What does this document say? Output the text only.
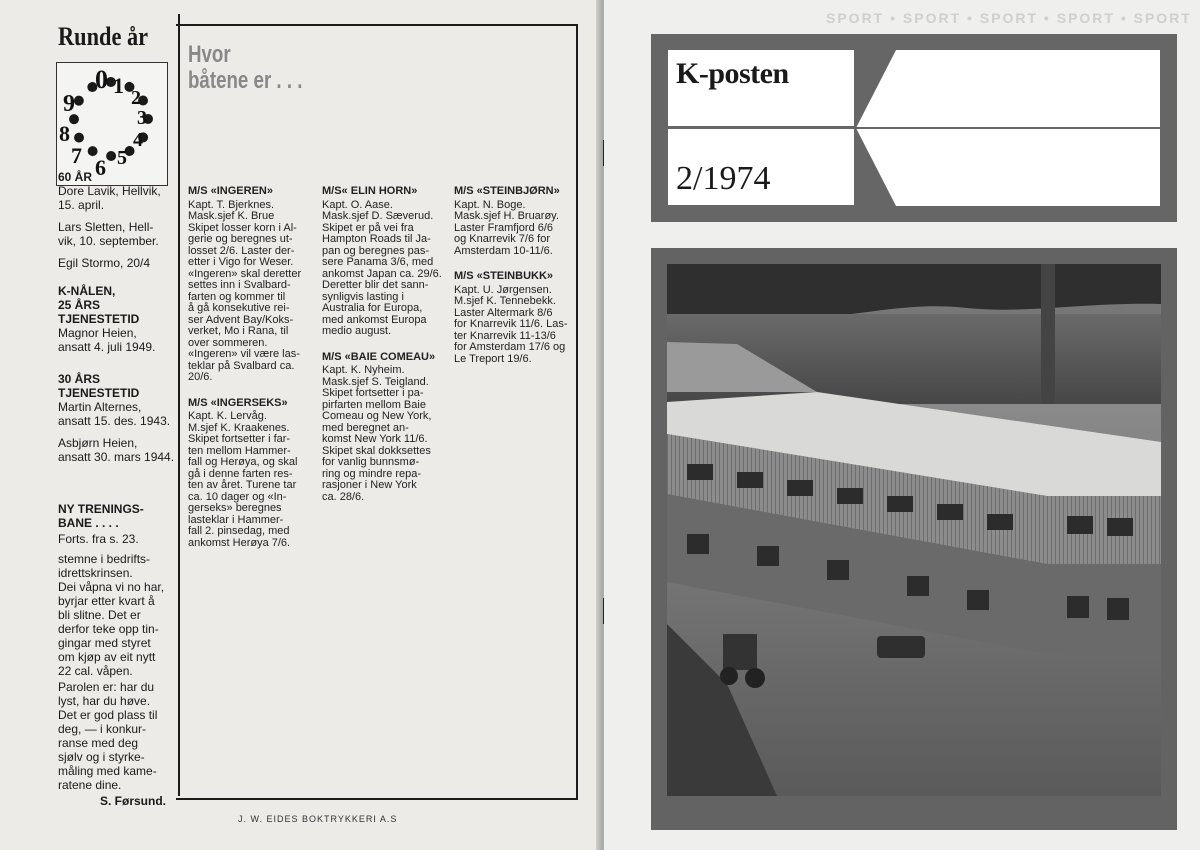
Runde år
0 1 2
3
4
5
6
7
8
9
60 ÅR
Dore Lavik, Hellvik,
15. april.
Lars Sletten, Hell-
vik, 10. september.
Egil Stormo, 20/4
K-NÅLEN,
25 ÅRS
TJENESTETID
Magnor Heien,
ansatt 4. juli 1949.
30 ÅRS
TJENESTETID
Martin Alternes,
ansatt 15. des. 1943.
Asbjørn Heien,
ansatt 30. mars 1944.
NY TRENINGS-
BANE . . . .
Forts. fra s. 23.
stemne i bedrifts-
idrettskrinsen.
Dei våpna vi no har,
byrjar etter kvart å
bli slitne. Det er
derfor teke opp tin-
gingar med styret
om kjøp av eit nytt
22 cal. våpen.
Parolen er: har du
lyst, har du høve.
Det er god plass til
deg, — i konkur-
ranse med deg
sjølv og i styrke-
måling med kame-
ratene dine.
S. Førsund.
Hvor
båtene er . . .

M/S «INGEREN»

Kapt. T. Bjerknes.

Mask.sjef K. Brue

Skipet losser korn i Al-

gerie og beregnes ut-

losset 2/6. Laster der-

etter i Vigo for Weser.

«Ingeren» skal deretter

settes inn i Svalbard-

farten og kommer til

å gå konsekutive rei-

ser Advent Bay/Koks-

verket, Mo i Rana, til

over sommeren.

«Ingeren» vil være las-

teklar på Svalbard ca.

20/6.

M/S «INGERSEKS»

Kapt. K. Lervåg.

M.sjef K. Kraakenes.

Skipet fortsetter i far-

ten mellom Hammer-

fall og Herøya, og skal

gå i denne farten res-

ten av året. Turene tar

ca. 10 dager og «In-

gerseks» beregnes

lasteklar i Hammer-

fall 2. pinsedag, med

ankomst Herøya 7/6.

M/S« ELIN HORN»

Kapt. O. Aase.

Mask.sjef D. Sæverud.

Skipet er på vei fra

Hampton Roads til Ja-

pan og beregnes pas-

sere Panama 3/6, med

ankomst Japan ca. 29/6.

Deretter blir det sann-

synligvis lasting i

Australia for Europa,

med ankomst Europa

medio august.

M/S «BAIE COMEAU»

Kapt. K. Nyheim.

Mask.sjef S. Teigland.

Skipet fortsetter i pa-

pirfarten mellom Baie

Comeau og New York,

med beregnet an-

komst New York 11/6.

Skipet skal dokksettes

for vanlig bunnsmø-

ring og mindre repa-

rasjoner i New York

ca. 28/6.

M/S «STEINBJØRN»

Kapt. N. Boge.

Mask.sjef H. Bruarøy.

Laster Framfjord 6/6

og Knarrevik 7/6 for

Amsterdam 10-11/6.

M/S «STEINBUKK»

Kapt. U. Jørgensen.

M.sjef K. Tennebekk.

Laster Altermark 8/6

for Knarrevik 11/6. Las-

ter Knarrevik 11-13/6

for Amsterdam 17/6 og

Le Treport 19/6.

J. W. EIDES BOKTRYKKERI A.S
SPORT • SPORT • SPORT • SPORT • SPORT
K-posten
2/1974
